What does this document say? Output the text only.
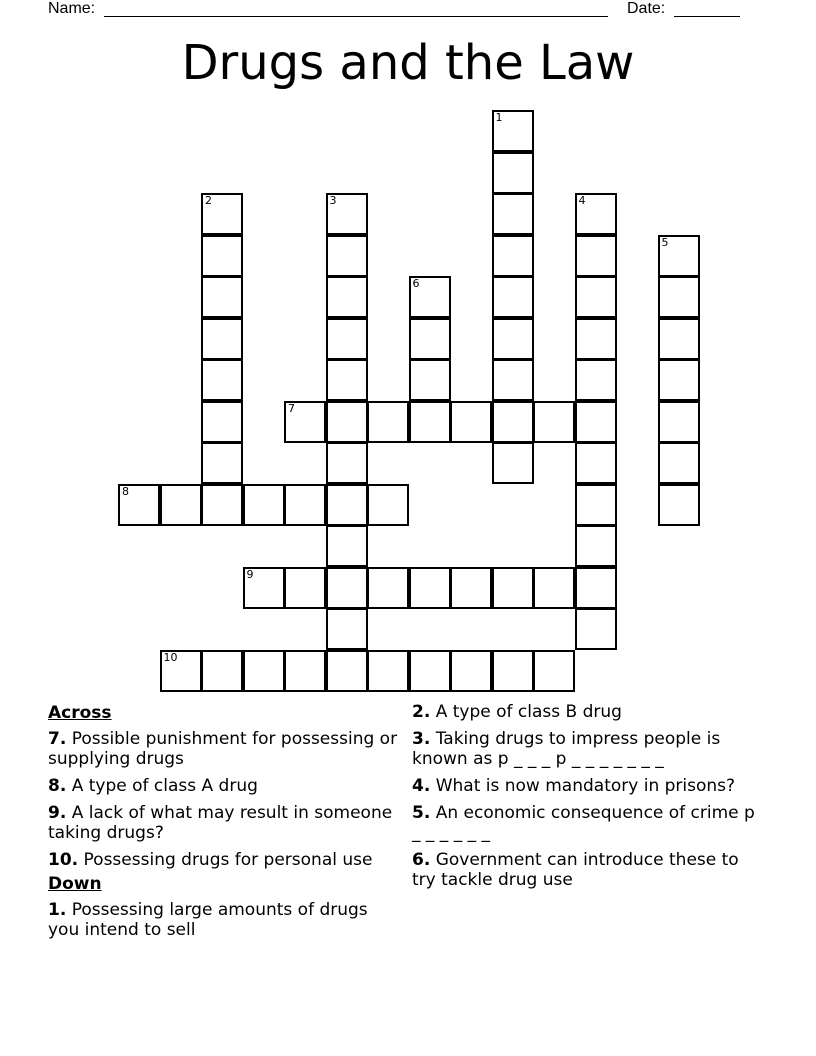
Name:	Date:
Drugs and the Law
1
2	3	4
5
6
7
8
9
10
Across
7. Possible punishment for possessing or supplying drugs
8. A type of class A drug
9. A lack of what may result in someone taking drugs?
10. Possessing drugs for personal use
Down
1. Possessing large amounts of drugs you intend to sell
2. A type of class B drug
3. Taking drugs to impress people is known as p _ _ _ p _ _ _ _ _ _ _
4. What is now mandatory in prisons?
5. An economic consequence of crime p _ _ _ _ _ _
6. Government can introduce these to try tackle drug use
